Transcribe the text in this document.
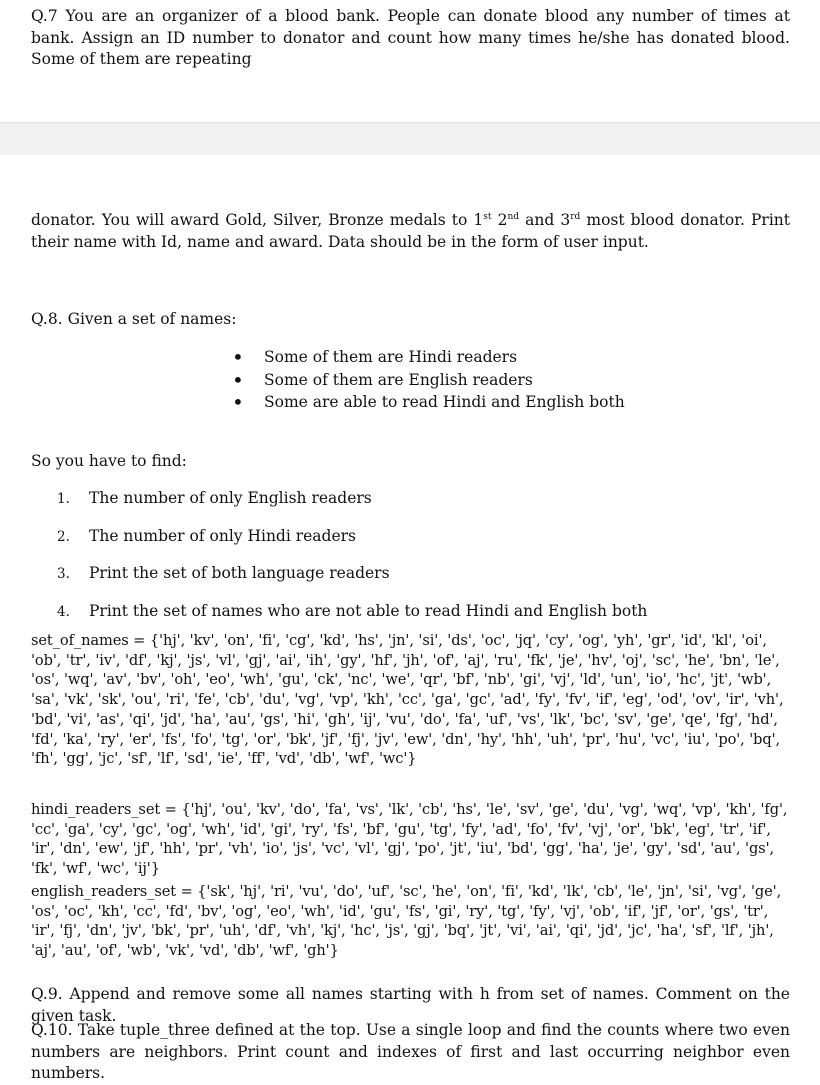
Q.7 You are an organizer of a blood bank. People can donate blood any number of times at bank. Assign an ID number to donator and count how many times he/she has donated blood. Some of them are repeating

donator. You will award Gold, Silver, Bronze medals to 1st 2nd and 3rd most blood donator. Print their name with Id, name and award. Data should be in the form of user input.

Q.8. Given a set of names:

• Some of them are Hindi readers
• Some of them are English readers
• Some are able to read Hindi and English both

So you have to find:

1. The number of only English readers
2. The number of only Hindi readers
3. Print the set of both language readers
4. Print the set of names who are not able to read Hindi and English both

set_of_names = {'hj', 'kv', 'on', 'fi', 'cg', 'kd', 'hs', 'jn', 'si', 'ds', 'oc', 'jq', 'cy', 'og', 'yh', 'gr', 'id', 'kl', 'oi', 'ob', 'tr', 'iv', 'df', 'kj', 'js', 'vl', 'gj', 'ai', 'ih', 'gy', 'hf', 'jh', 'of', 'aj', 'ru', 'fk', 'je', 'hv', 'oj', 'sc', 'he', 'bn', 'le', 'os', 'wq', 'av', 'bv', 'oh', 'eo', 'wh', 'gu', 'ck', 'nc', 'we', 'qr', 'bf', 'nb', 'gi', 'vj', 'ld', 'un', 'io', 'hc', 'jt', 'wb', 'sa', 'vk', 'sk', 'ou', 'ri', 'fe', 'cb', 'du', 'vg', 'vp', 'kh', 'cc', 'ga', 'gc', 'ad', 'fy', 'fv', 'if', 'eg', 'od', 'ov', 'ir', 'vh', 'bd', 'vi', 'as', 'qi', 'jd', 'ha', 'au', 'gs', 'hi', 'gh', 'ij', 'vu', 'do', 'fa', 'uf', 'vs', 'lk', 'bc', 'sv', 'ge', 'qe', 'fg', 'hd', 'fd', 'ka', 'ry', 'er', 'fs', 'fo', 'tg', 'or', 'bk', 'jf', 'fj', 'jv', 'ew', 'dn', 'hy', 'hh', 'uh', 'pr', 'hu', 'vc', 'iu', 'po', 'bq', 'fh', 'gg', 'jc', 'sf', 'lf', 'sd', 'ie', 'ff', 'vd', 'db', 'wf', 'wc'}

hindi_readers_set = {'hj', 'ou', 'kv', 'do', 'fa', 'vs', 'lk', 'cb', 'hs', 'le', 'sv', 'ge', 'du', 'vg', 'wq', 'vp', 'kh', 'fg', 'cc', 'ga', 'cy', 'gc', 'og', 'wh', 'id', 'gi', 'ry', 'fs', 'bf', 'gu', 'tg', 'fy', 'ad', 'fo', 'fv', 'vj', 'or', 'bk', 'eg', 'tr', 'if', 'ir', 'dn', 'ew', 'jf', 'hh', 'pr', 'vh', 'io', 'js', 'vc', 'vl', 'gj', 'po', 'jt', 'iu', 'bd', 'gg', 'ha', 'je', 'gy', 'sd', 'au', 'gs', 'fk', 'wf', 'wc', 'ij'}

english_readers_set = {'sk', 'hj', 'ri', 'vu', 'do', 'uf', 'sc', 'he', 'on', 'fi', 'kd', 'lk', 'cb', 'le', 'jn', 'si', 'vg', 'ge', 'os', 'oc', 'kh', 'cc', 'fd', 'bv', 'og', 'eo', 'wh', 'id', 'gu', 'fs', 'gi', 'ry', 'tg', 'fy', 'vj', 'ob', 'if', 'jf', 'or', 'gs', 'tr', 'ir', 'fj', 'dn', 'jv', 'bk', 'pr', 'uh', 'df', 'vh', 'kj', 'hc', 'js', 'gj', 'bq', 'jt', 'vi', 'ai', 'qi', 'jd', 'jc', 'ha', 'sf', 'lf', 'jh', 'aj', 'au', 'of', 'wb', 'vk', 'vd', 'db', 'wf', 'gh'}

Q.9. Append and remove some all names starting with h from set of names. Comment on the given task.

Q.10. Take tuple_three defined at the top. Use a single loop and find the counts where two even numbers are neighbors. Print count and indexes of first and last occurring neighbor even numbers.
